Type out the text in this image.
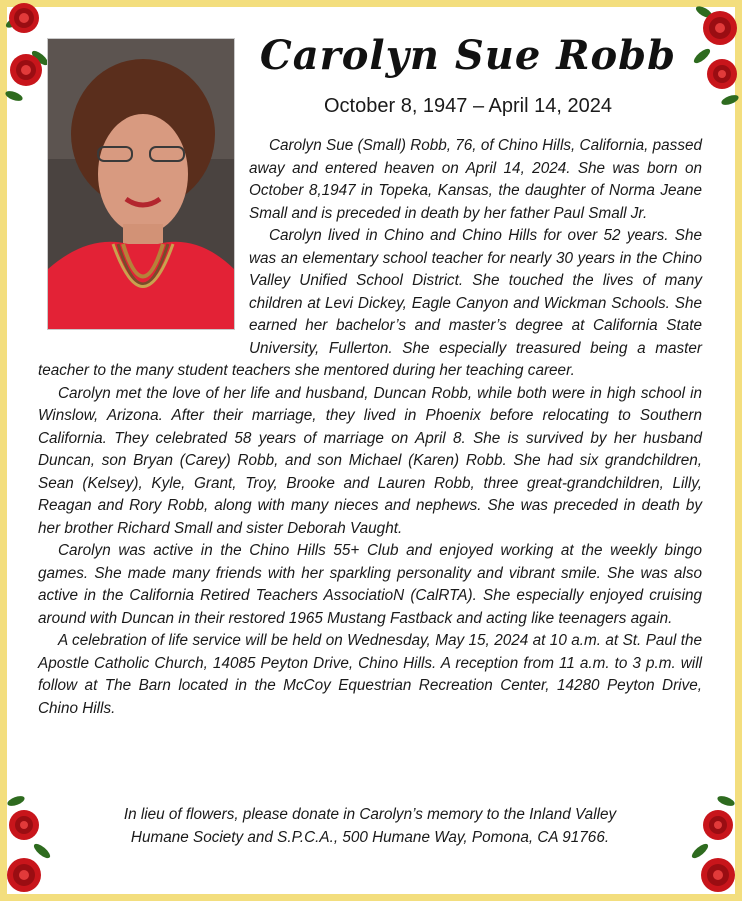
Carolyn Sue Robb
October 8, 1947 – April 14, 2024

Carolyn Sue (Small) Robb, 76, of Chino Hills, California, passed away and entered heaven on April 14, 2024. She was born on October 8,1947 in Topeka, Kansas, the daughter of Norma Jeane Small and is preceded in death by her father Paul Small Jr.

Carolyn lived in Chino and Chino Hills for over 52 years. She was an elementary school teacher for nearly 30 years in the Chino Valley Unified School District. She touched the lives of many children at Levi Dickey, Eagle Canyon and Wickman Schools. She earned her bachelor’s and master’s degree at California State University, Fullerton. She especially treasured being a master teacher to the many student teachers she mentored during her teaching career.

Carolyn met the love of her life and husband, Duncan Robb, while both were in high school in Winslow, Arizona. After their marriage, they lived in Phoenix before relocating to Southern California. They celebrated 58 years of marriage on April 8. She is survived by her husband Duncan, son Bryan (Carey) Robb, and son Michael (Karen) Robb. She had six grandchildren, Sean (Kelsey), Kyle, Grant, Troy, Brooke and Lauren Robb, three great-grandchildren, Lilly, Reagan and Rory Robb, along with many nieces and nephews. She was preceded in death by her brother Richard Small and sister Deborah Vaught.

Carolyn was active in the Chino Hills 55+ Club and enjoyed working at the weekly bingo games. She made many friends with her sparkling personality and vibrant smile. She was also active in the California Retired Teachers AssociatioN (CalRTA). She especially enjoyed cruising around with Duncan in their restored 1965 Mustang Fastback and acting like teenagers again.

A celebration of life service will be held on Wednesday, May 15, 2024 at 10 a.m. at St. Paul the Apostle Catholic Church, 14085 Peyton Drive, Chino Hills. A reception from 11 a.m. to 3 p.m. will follow at The Barn located in the McCoy Equestrian Recreation Center, 14280 Peyton Drive, Chino Hills.

In lieu of flowers, please donate in Carolyn’s memory to the Inland Valley
Humane Society and S.P.C.A., 500 Humane Way, Pomona, CA 91766.
